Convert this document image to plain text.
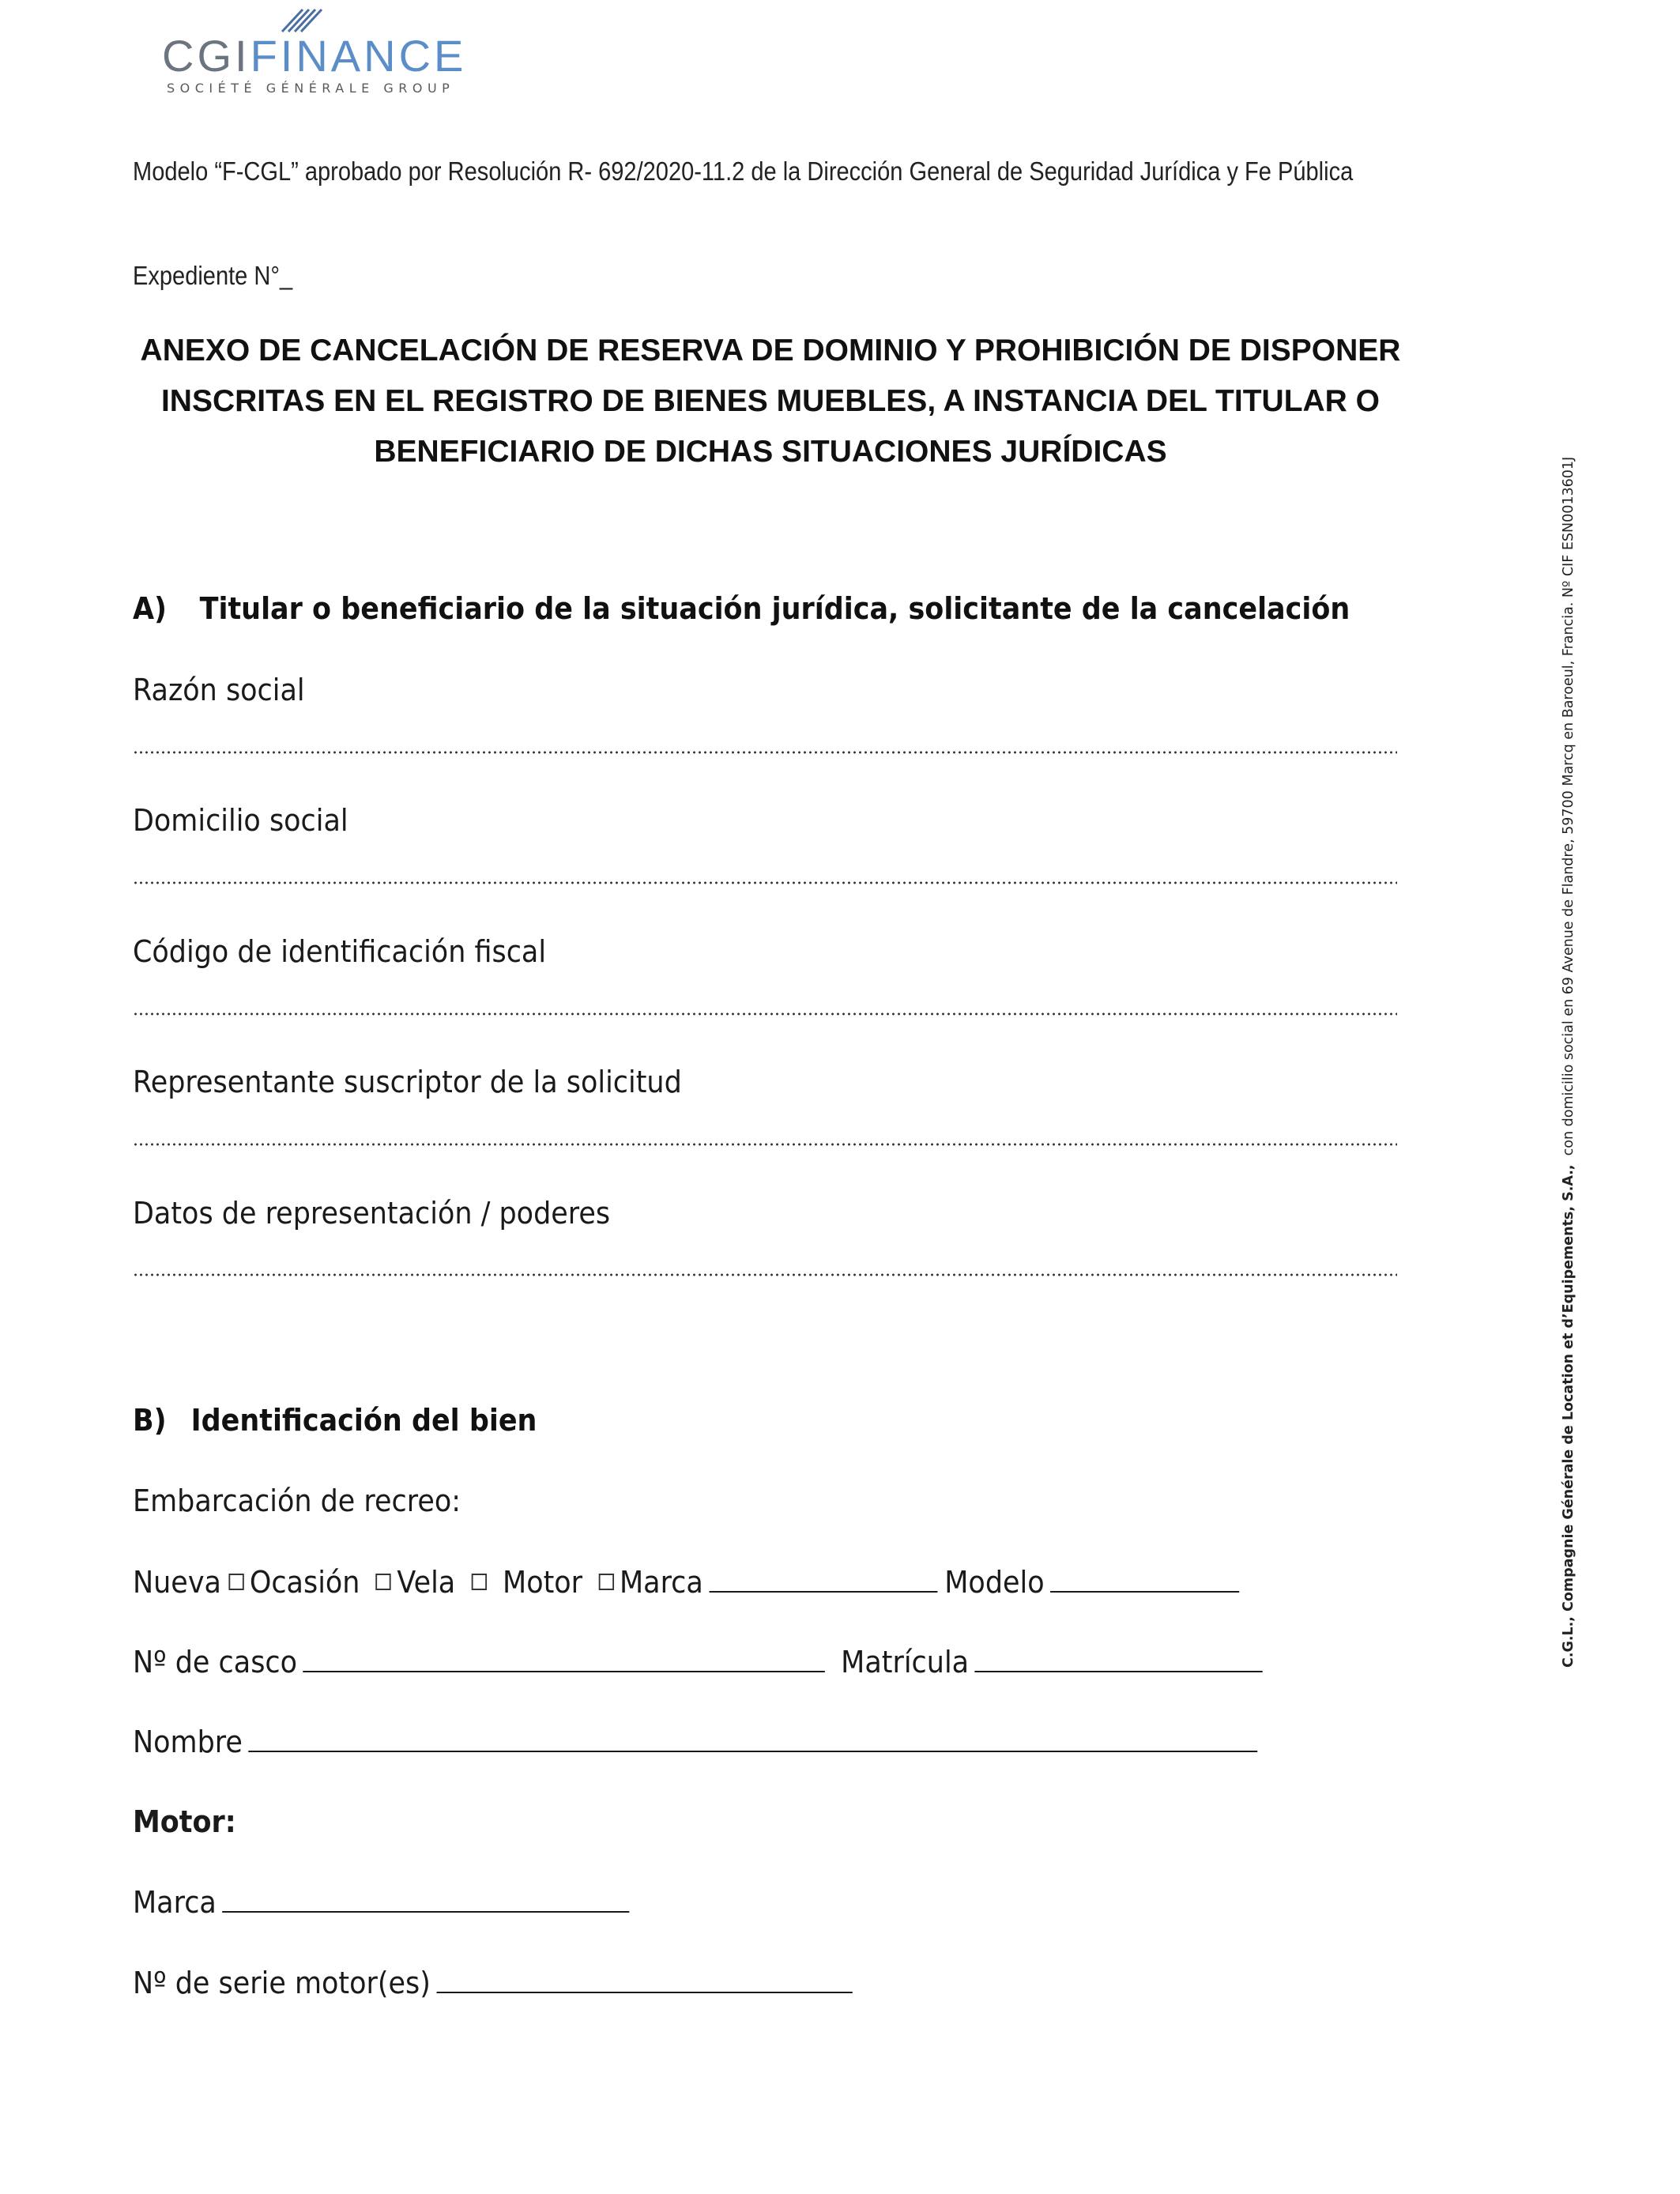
CGIFINANCE
SOCIÉTÉ GÉNÉRALE GROUP
Modelo “F-CGL” aprobado por Resolución R- 692/2020-11.2 de la Dirección General de Seguridad Jurídica y Fe Pública
Expediente N°_
ANEXO DE CANCELACIÓN DE RESERVA DE DOMINIO Y PROHIBICIÓN DE DISPONER
INSCRITAS EN EL REGISTRO DE BIENES MUEBLES, A INSTANCIA DEL TITULAR O
BENEFICIARIO DE DICHAS SITUACIONES JURÍDICAS
A) Titular o beneficiario de la situación jurídica, solicitante de la cancelación
Razón social
Domicilio social
Código de identificación fiscal
Representante suscriptor de la solicitud
Datos de representación / poderes
B) Identificación del bien
Embarcación de recreo:
Nueva Ocasión Vela Motor Marca	Modelo
Nº de casco	Matrícula
Nombre
Motor:
Marca
Nº de serie motor(es)
C.G.L., Compagnie Générale de Location et d’Equipements, S.A.,  con domicilio social en 69 Avenue de Flandre, 59700 Marcq en Baroeul, Francia. Nº CIF ESN0013601J
